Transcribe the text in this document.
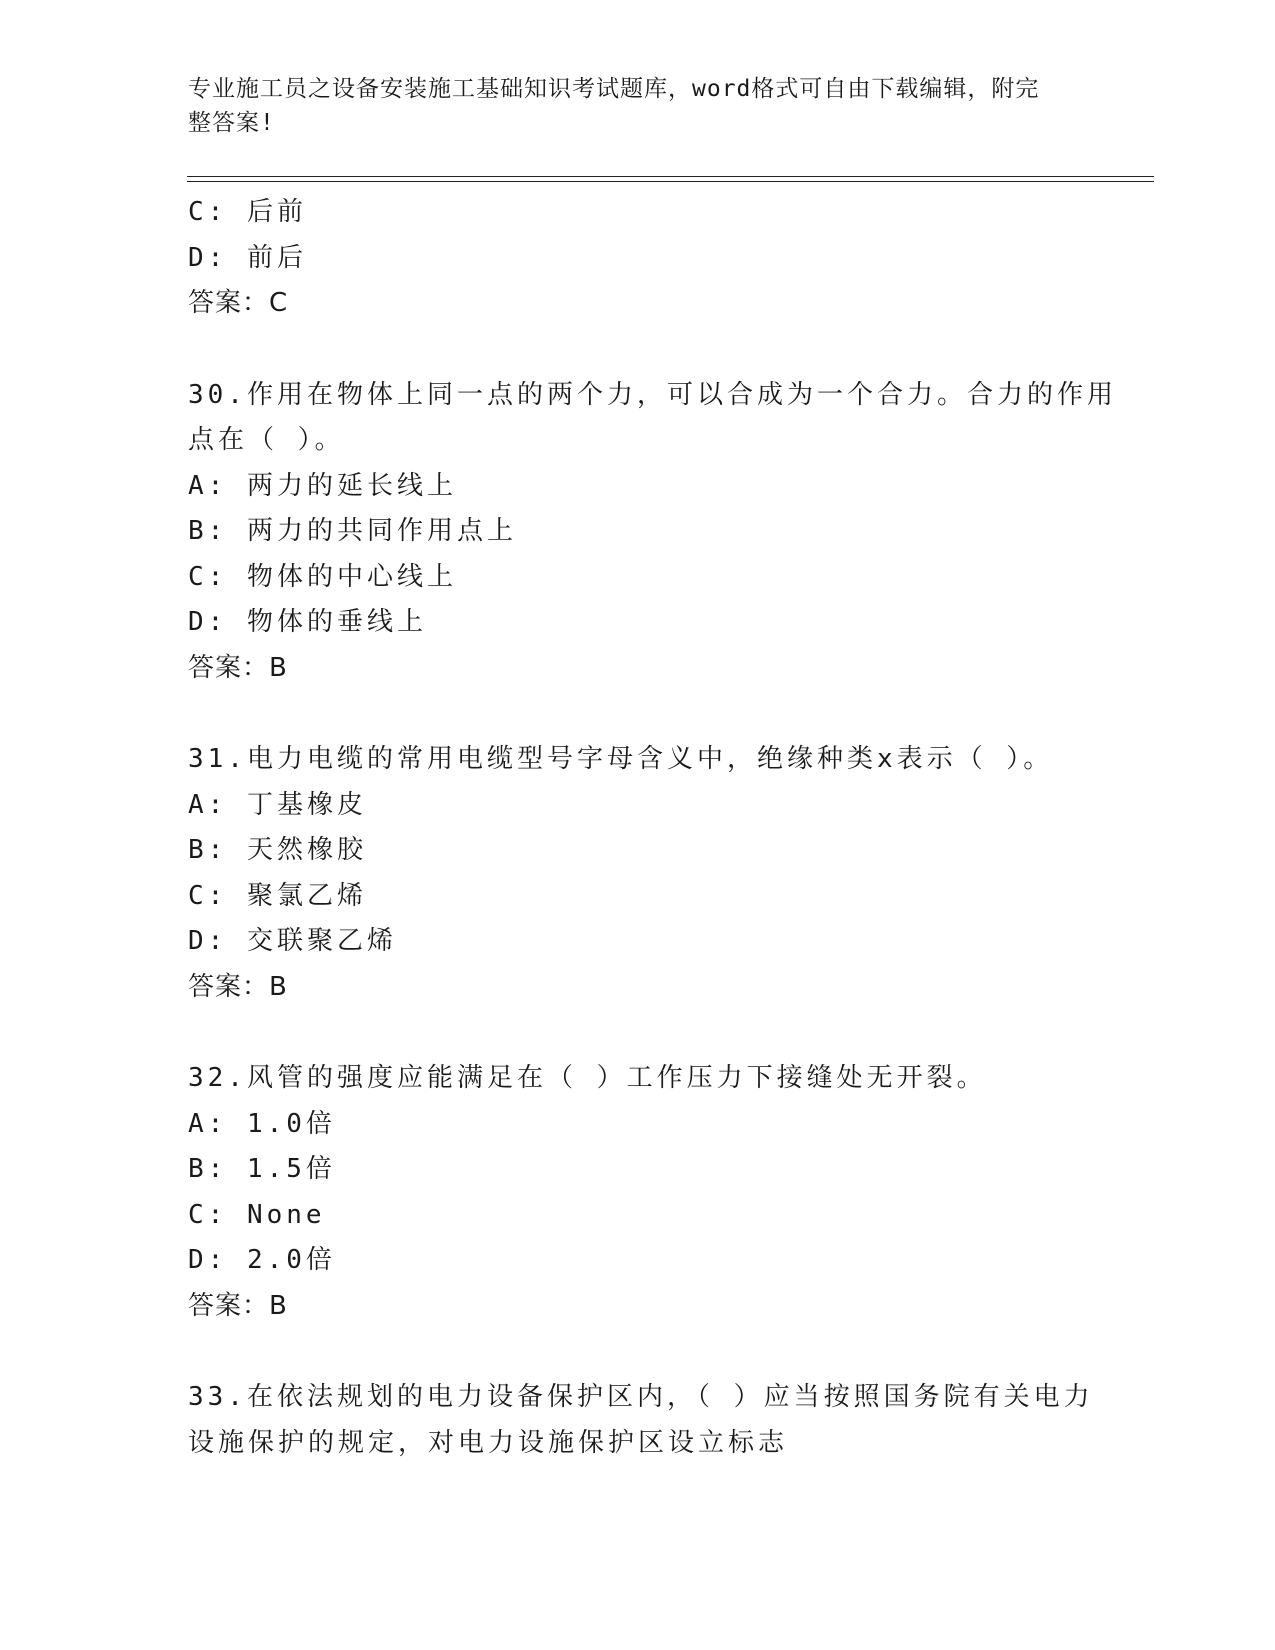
专业施工员之设备安装施工基础知识考试题库，word格式可自由下载编辑，附完
整答案!
C: 后前
D: 前后
答案：C
30.作用在物体上同一点的两个力，可以合成为一个合力。合力的作用
点在（ ）。
A: 两力的延长线上
B: 两力的共同作用点上
C: 物体的中心线上
D: 物体的垂线上
答案：B
31.电力电缆的常用电缆型号字母含义中，绝缘种类x表示（ ）。
A: 丁基橡皮
B: 天然橡胶
C: 聚氯乙烯
D: 交联聚乙烯
答案：B
32.风管的强度应能满足在（ ）工作压力下接缝处无开裂。
A: 1.0倍
B: 1.5倍
C: None
D: 2.0倍
答案：B
33.在依法规划的电力设备保护区内，（ ）应当按照国务院有关电力
设施保护的规定，对电力设施保护区设立标志
